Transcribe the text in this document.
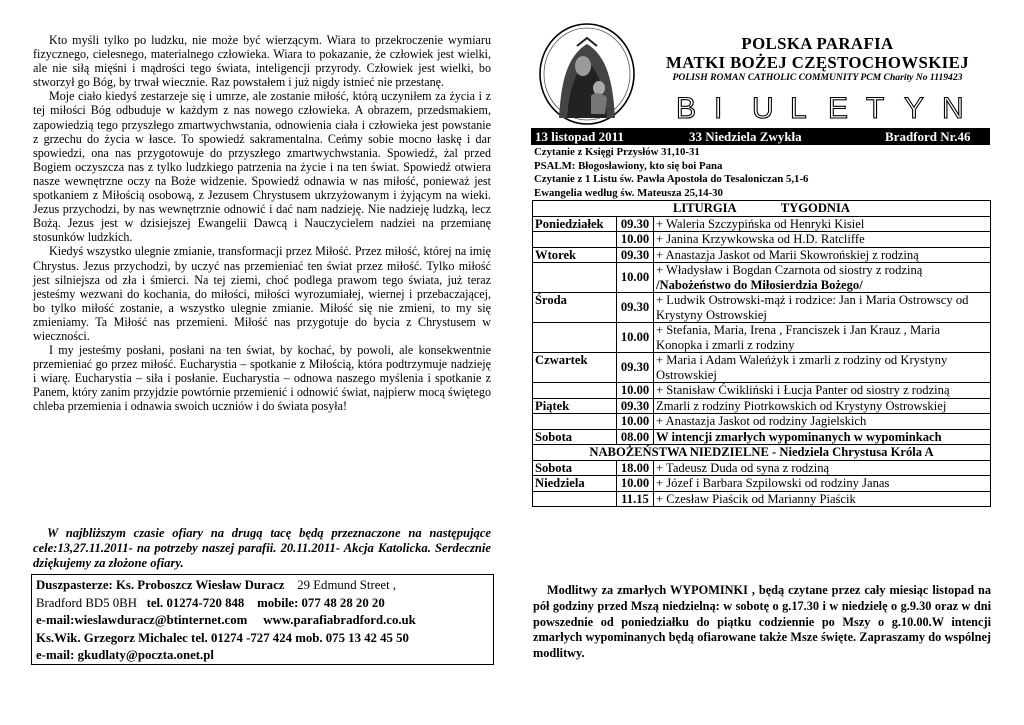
Kto myśli tylko po ludzku, nie może być wierzącym. Wiara to przekroczenie wymiaru fizycznego, cielesnego, materialnego człowieka. Wiara to pokazanie, że człowiek jest wielki, ale nie siłą mięśni i mądrości tego świata, inteligencji przyrody. Człowiek jest wielki, bo stworzył go Bóg, by trwał wiecznie. Raz powstałem i już nigdy istnieć nie przestanę.

Moje ciało kiedyś zestarzeje się i umrze, ale zostanie miłość, którą uczyniłem za życia i z tej miłości Bóg odbuduje w każdym z nas nowego człowieka. A obrazem, przedsmakiem, zapowiedzią tego przyszłego zmartwychwstania, odnowienia ciała i człowieka jest powstanie z grzechu do życia w łasce. To spowiedź sakramentalna. Ceńmy sobie mocno łaskę i dar spowiedzi, ona nas przygotowuje do przyszłego zmartwychwstania. Spowiedź, żal przed Bogiem oczyszcza nas z tylko ludzkiego patrzenia na życie i na ten świat. Spowiedź otwiera nasze wewnętrzne oczy na Boże widzenie. Spowiedź odnawia w nas miłość, ponieważ jest spotkaniem z Miłością osobową, z Jezusem Chrystusem ukrzyżowanym i żyjącym na wieki. Jezus przychodzi, by nas wewnętrznie odnowić i dać nam nadzieję. Nie nadzieję ludzką, lecz Bożą. Jezus jest w dzisiejszej Ewangelii Dawcą i Nauczycielem nadziei na przemianę stosunków ludzkich.

Kiedyś wszystko ulegnie zmianie, transformacji przez Miłość. Przez miłość, której na imię Chrystus. Jezus przychodzi, by uczyć nas przemieniać ten świat przez miłość. Tylko miłość jest silniejsza od zła i śmierci. Na tej ziemi, choć podlega prawom tego świata, już teraz jesteśmy wezwani do kochania, do miłości, miłości wyrozumiałej, wiernej i przebaczającej, bo tylko miłość zostanie, a wszystko ulegnie zmianie. Miłość się nie zmieni, to my się zmieniamy. Ta Miłość nas przemieni. Miłość nas przygotuje do bycia z Chrystusem w wieczności.

I my jesteśmy posłani, posłani na ten świat, by kochać, by powoli, ale konsekwentnie przemieniać go przez miłość. Eucharystia – spotkanie z Miłością, która podtrzymuje nadzieję i wiarę. Eucharystia – siła i posłanie. Eucharystia – odnowa naszego myślenia i spotkanie z Panem, który zanim przyjdzie powtórnie przemienić i odnowić świat, najpierw mocą świętego chleba przemienia i odnawia swoich uczniów i do świata posyła!

W najbliższym czasie ofiary na drugą tacę będą przeznaczone na następujące cele:13,27.11.2011- na potrzeby naszej parafii. 20.11.2011- Akcja Katolicka. Serdecznie dziękujemy za złożone ofiary.

Duszpasterze: Ks. Proboszcz Wiesław Duracz 29 Edmund Street ,
Bradford BD5 0BH tel. 01274-720 848 mobile: 077 48 28 20 20
e-mail:wieslawduracz@btinternet.com www.parafiabradford.co.uk
Ks.Wik. Grzegorz Michalec tel. 01274 -727 424 mob. 075 13 42 45 50
e-mail: gkudlaty@poczta.onet.pl
POLSKA PARAFIA
MATKI BOŻEJ CZĘSTOCHOWSKIEJ
POLISH ROMAN CATHOLIC COMMUNITY PCM Charity No 1119423
B I U L E T Y N
13 listopad 2011	33 Niedziela Zwykła	Bradford Nr.46
Czytanie z Księgi Przysłów 31,10-31
PSALM: Błogosławiony, kto się boi Pana
Czytanie z 1 Listu św. Pawła Apostoła do Tesaloniczan 5,1-6
Ewangelia według św. Mateusza 25,14-30
LITURGIA TYGODNIA		
Poniedziałek	09.30	+ Waleria Szczypińska od Henryki Kisiel
	10.00	+ Janina Krzywkowska od H.D. Ratcliffe
Wtorek	09.30	+ Anastazja Jaskot od Marii Skowrońskiej z rodziną
	10.00	+ Władysław i Bogdan Czarnota od siostry z rodziną
/Nabożeństwo do Miłosierdzia Bożego/
Środa	09.30	+ Ludwik Ostrowski-mąż i rodzice: Jan i Maria Ostrowscy od Krystyny Ostrowskiej
	10.00	+ Stefania, Maria, Irena , Franciszek i Jan Krauz , Maria Konopka i zmarli z rodziny
Czwartek	09.30	+ Maria i Adam Waleńżyk i zmarli z rodziny od Krystyny Ostrowskiej
	10.00	+ Stanisław Ćwikliński i Łucja Panter od siostry z rodziną
Piątek	09.30	Zmarli z rodziny Piotrkowskich od Krystyny Ostrowskiej
	10.00	+ Anastazja Jaskot od rodziny Jagielskich
Sobota	08.00	W intencji zmarłych wypominanych w wypominkach
NABOŻEŃSTWA NIEDZIELNE - Niedziela Chrystusa Króla A		
Sobota	18.00	+ Tadeusz Duda od syna z rodziną
Niedziela	10.00	+ Józef i Barbara Szpilowski od rodziny Janas
	11.15	+ Czesław Piaścik od Marianny Piaścik

Modlitwy za zmarłych WYPOMINKI , będą czytane przez cały miesiąc listopad na pół godziny przed Mszą niedzielną: w sobotę o g.17.30 i w niedzielę o g.9.30 oraz w dni powszednie od poniedziałku do piątku codziennie po Mszy o g.10.00.W intencji zmarłych wypominanych będą ofiarowane także Msze święte. Zapraszamy do wspólnej modlitwy.
